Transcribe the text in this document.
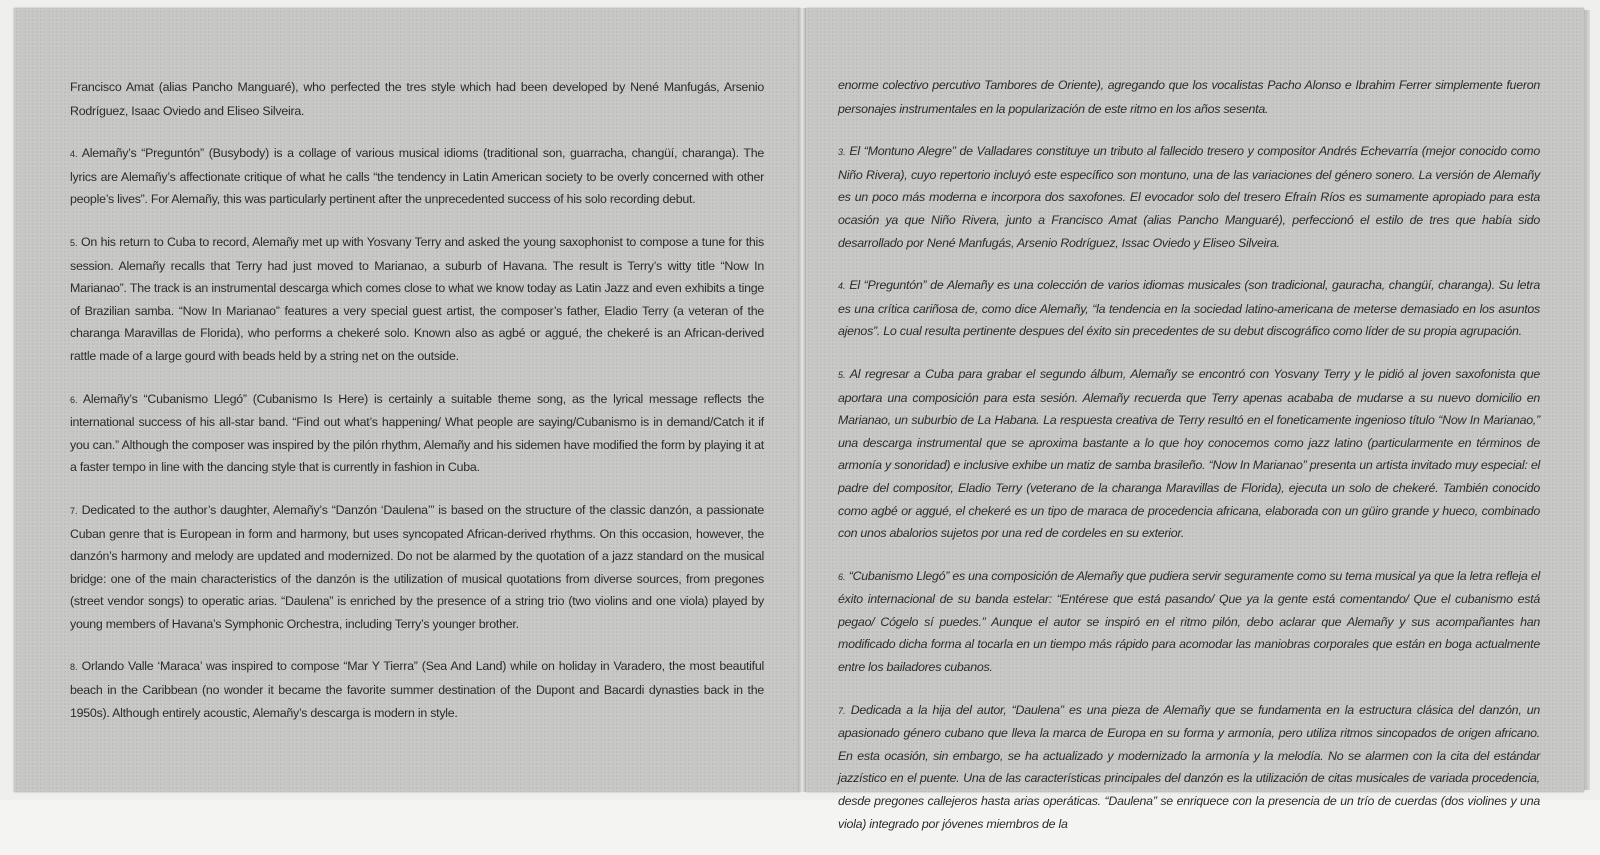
Francisco Amat (alias Pancho Manguaré), who perfected the tres style which had been developed by Nené Manfugás, Arsenio Rodríguez, Isaac Oviedo and Eliseo Silveira.

4. Alemañy’s “Preguntón” (Busybody) is a collage of various musical idioms (traditional son, guarracha, changüí, charanga). The lyrics are Alemañy’s affectionate critique of what he calls “the tendency in Latin American society to be overly concerned with other people’s lives”. For Alemañy, this was particularly pertinent after the unprecedented success of his solo recording debut.

5. On his return to Cuba to record, Alemañy met up with Yosvany Terry and asked the young saxophonist to compose a tune for this session. Alemañy recalls that Terry had just moved to Marianao, a suburb of Havana. The result is Terry’s witty title “Now In Marianao”. The track is an instrumental descarga which comes close to what we know today as Latin Jazz and even exhibits a tinge of Brazilian samba. “Now In Marianao” features a very special guest artist, the composer’s father, Eladio Terry (a veteran of the charanga Maravillas de Florida), who performs a chekeré solo. Known also as agbé or aggué, the chekeré is an African-derived rattle made of a large gourd with beads held by a string net on the outside.

6. Alemañy’s “Cubanismo Llegó” (Cubanismo Is Here) is certainly a suitable theme song, as the lyrical message reflects the international success of his all-star band. “Find out what’s happening/ What people are saying/Cubanismo is in demand/Catch it if you can.” Although the composer was inspired by the pilón rhythm, Alemañy and his sidemen have modified the form by playing it at a faster tempo in line with the dancing style that is currently in fashion in Cuba.

7. Dedicated to the author’s daughter, Alemañy’s “Danzón ‘Daulena’” is based on the structure of the classic danzón, a passionate Cuban genre that is European in form and harmony, but uses syncopated African-derived rhythms. On this occasion, however, the danzón’s harmony and melody are updated and modernized. Do not be alarmed by the quotation of a jazz standard on the musical bridge: one of the main characteristics of the danzón is the utilization of musical quotations from diverse sources, from pregones (street vendor songs) to operatic arias. “Daulena” is enriched by the presence of a string trio (two violins and one viola) played by young members of Havana’s Symphonic Orchestra, including Terry’s younger brother.

8. Orlando Valle ‘Maraca’ was inspired to compose “Mar Y Tierra” (Sea And Land) while on holiday in Varadero, the most beautiful beach in the Caribbean (no wonder it became the favorite summer destination of the Dupont and Bacardi dynasties back in the 1950s). Although entirely acoustic, Alemañy’s descarga is modern in style.

enorme colectivo percutivo Tambores de Oriente), agregando que los vocalistas Pacho Alonso e Ibrahim Ferrer simplemente fueron personajes instrumentales en la popularización de este ritmo en los años sesenta.

3. El “Montuno Alegre” de Valladares constituye un tributo al fallecido tresero y compositor Andrés Echevarría (mejor conocido como Niño Rivera), cuyo repertorio incluyó este específico son montuno, una de las variaciones del género sonero. La versión de Alemañy es un poco más moderna e incorpora dos saxofones. El evocador solo del tresero Efraín Ríos es sumamente apropiado para esta ocasión ya que Niño Rivera, junto a Francisco Amat (alias Pancho Manguaré), perfeccionó el estilo de tres que había sido desarrollado por Nené Manfugás, Arsenio Rodríguez, Issac Oviedo y Eliseo Silveira.

4. El “Preguntón” de Alemañy es una colección de varios idiomas musicales (son tradicional, gauracha, changüí, charanga). Su letra es una crítica cariñosa de, como dice Alemañy, “la tendencia en la sociedad latino-americana de meterse demasiado en los asuntos ajenos”. Lo cual resulta pertinente despues del éxito sin precedentes de su debut discográfico como líder de su propia agrupación.

5. Al regresar a Cuba para grabar el segundo álbum, Alemañy se encontró con Yosvany Terry y le pidió al joven saxofonista que aportara una composición para esta sesión. Alemañy recuerda que Terry apenas acababa de mudarse a su nuevo domicilio en Marianao, un suburbio de La Habana. La respuesta creativa de Terry resultó en el foneticamente ingenioso título “Now In Marianao,” una descarga instrumental que se aproxima bastante a lo que hoy conocemos como jazz latino (particularmente en términos de armonía y sonoridad) e inclusive exhibe un matiz de samba brasileño. “Now In Marianao” presenta un artista invitado muy especial: el padre del compositor, Eladio Terry (veterano de la charanga Maravillas de Florida), ejecuta un solo de chekeré. También conocido como agbé or aggué, el chekeré es un tipo de maraca de procedencia africana, elaborada con un güiro grande y hueco, combinado con unos abalorios sujetos por una red de cordeles en su exterior.

6. “Cubanismo Llegó” es una composición de Alemañy que pudiera servir seguramente como su tema musical ya que la letra refleja el éxito internacional de su banda estelar: “Entérese que está pasando/ Que ya la gente está comentando/ Que el cubanismo está pegao/ Cógelo sí puedes.” Aunque el autor se inspiró en el ritmo pilón, debo aclarar que Alemañy y sus acompañantes han modificado dicha forma al tocarla en un tiempo más rápido para acomodar las maniobras corporales que están en boga actualmente entre los bailadores cubanos.

7. Dedicada a la hija del autor, “Daulena” es una pieza de Alemañy que se fundamenta en la estructura clásica del danzón, un apasionado género cubano que lleva la marca de Europa en su forma y armonía, pero utiliza ritmos sincopados de origen africano. En esta ocasión, sin embargo, se ha actualizado y modernizado la armonía y la melodía. No se alarmen con la cita del estándar jazzístico en el puente. Una de las características principales del danzón es la utilización de citas musicales de variada procedencia, desde pregones callejeros hasta arias operáticas. “Daulena” se enriquece con la presencia de un trío de cuerdas (dos violines y una viola) integrado por jóvenes miembros de la
